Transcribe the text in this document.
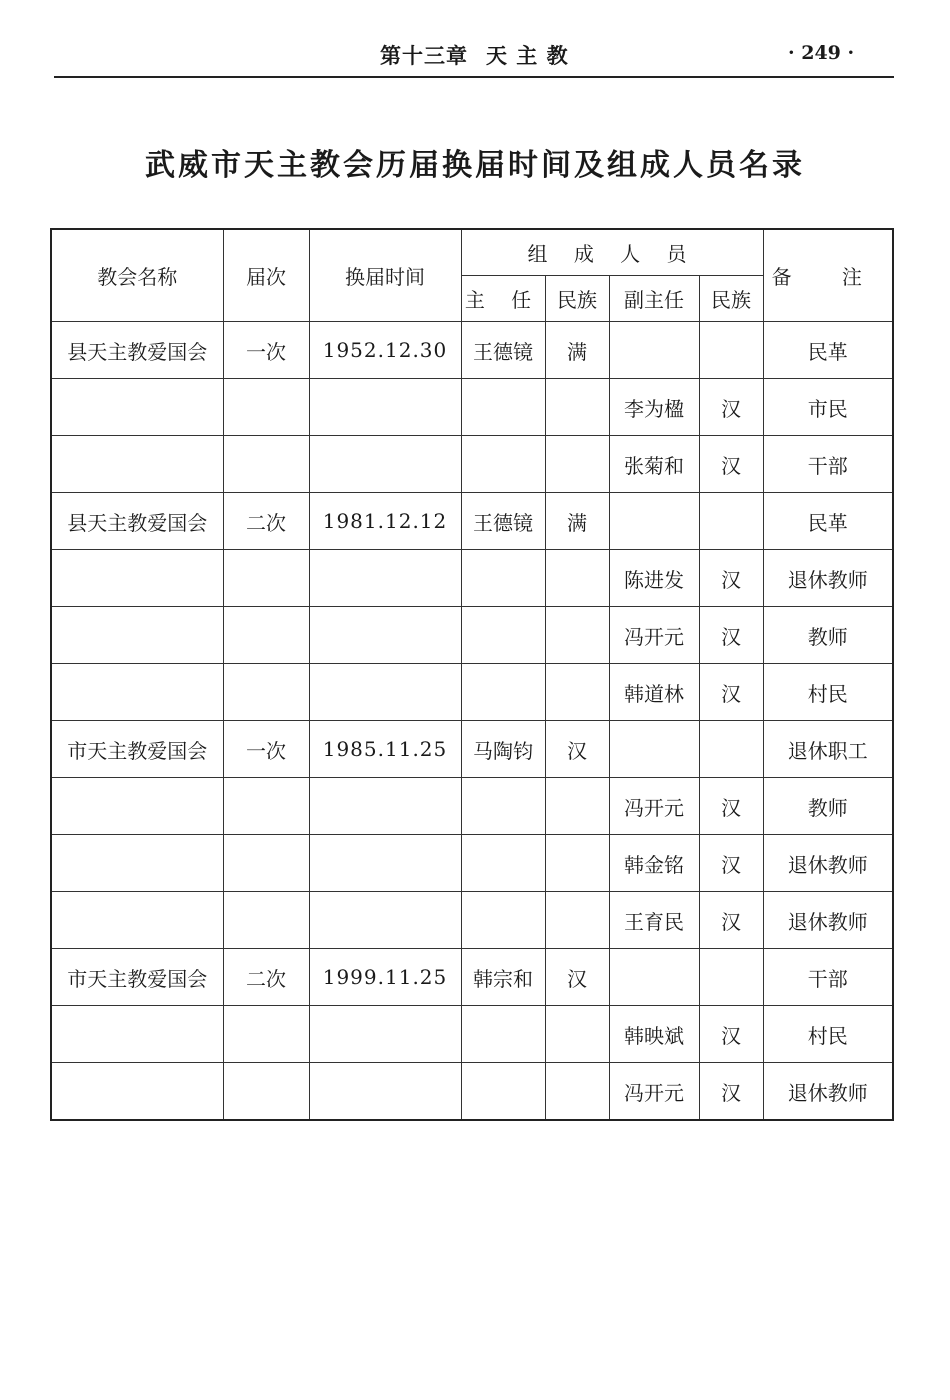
第十三章 天 主 教	· 249 ·
武威市天主教会历届换届时间及组成人员名录
教会名称	届次	换届时间	组 成 人 员				备 注
			主 任	民族	副主任	民族	
县天主教爱国会	一次	1952.12.30	王德镜	满			民革
					李为楹	汉	市民
					张菊和	汉	干部
县天主教爱国会	二次	1981.12.12	王德镜	满			民革
					陈进发	汉	退休教师
					冯开元	汉	教师
					韩道林	汉	村民
市天主教爱国会	一次	1985.11.25	马陶钧	汉			退休职工
					冯开元	汉	教师
					韩金铭	汉	退休教师
					王育民	汉	退休教师
市天主教爱国会	二次	1999.11.25	韩宗和	汉			干部
					韩映斌	汉	村民
					冯开元	汉	退休教师
